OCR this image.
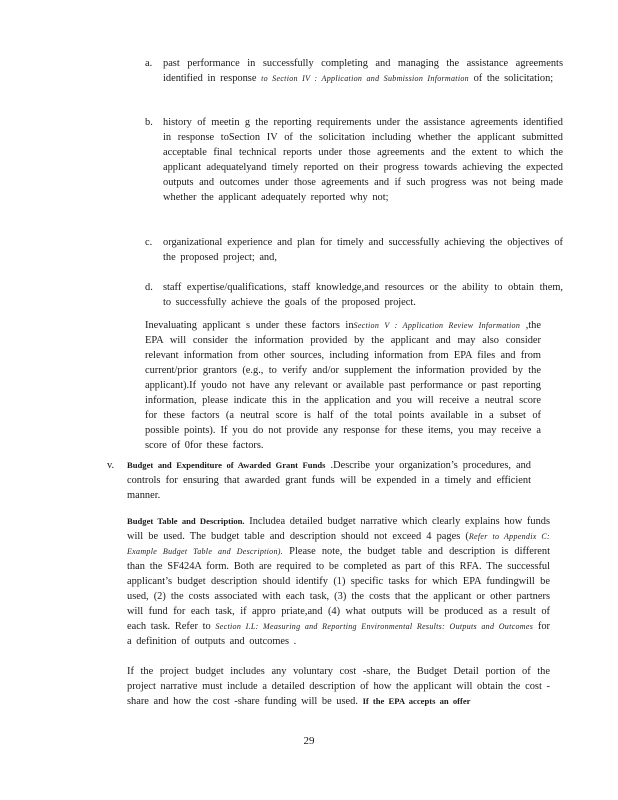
a. past performance in successfully completing and managing the assistance agreements identified in response to Section IV : Application and Submission Information of the solicitation;
b. history of meetin g the reporting requirements under the assistance agreements identified in response toSection IV of the solicitation including whether the applicant submitted acceptable final technical reports under those agreements and the extent to which the applicant adequatelyand timely reported on their progress towards achieving the expected outputs and outcomes under those agreements and if such progress was not being made whether the applicant adequately reported why not;
c. organizational experience and plan for timely and successfully achieving the objectives of the proposed project; and,
d. staff expertise/qualifications, staff knowledge,and resources or the ability to obtain them, to successfully achieve the goals of the proposed project.
Inevaluating applicant s under these factors inSection V : Application Review Information ,the EPA will consider the information provided by the applicant and may also consider relevant information from other sources, including information from EPA files and from current/prior grantors (e.g., to verify and/or supplement the information provided by the applicant).If youdo not have any relevant or available past performance or past reporting information, please indicate this in the application and you will receive a neutral score for these factors (a neutral score is half of the total points available in a subset of possible points). If you do not provide any response for these items, you may receive a score of 0for these factors.
v. Budget and Expenditure of Awarded Grant Funds .Describe your organization’s procedures, and controls for ensuring that awarded grant funds will be expended in a timely and efficient manner.
Budget Table and Description. Includea detailed budget narrative which clearly explains how funds will be used. The budget table and description should not exceed 4 pages (Refer to Appendix C: Example Budget Table and Description). Please note, the budget table and description is different than the SF424A form. Both are required to be completed as part of this RFA. The successful applicant’s budget description should identify (1) specific tasks for which EPA fundingwill be used, (2) the costs associated with each task, (3) the costs that the applicant or other partners will fund for each task, if appro priate,and (4) what outputs will be produced as a result of each task. Refer to Section I.L: Measuring and Reporting Environmental Results: Outputs and Outcomes for a definition of outputs and outcomes .
If the project budget includes any voluntary cost -share, the Budget Detail portion of the project narrative must include a detailed description of how the applicant will obtain the cost -share and how the cost -share funding will be used. If the EPA accepts an offer
29
